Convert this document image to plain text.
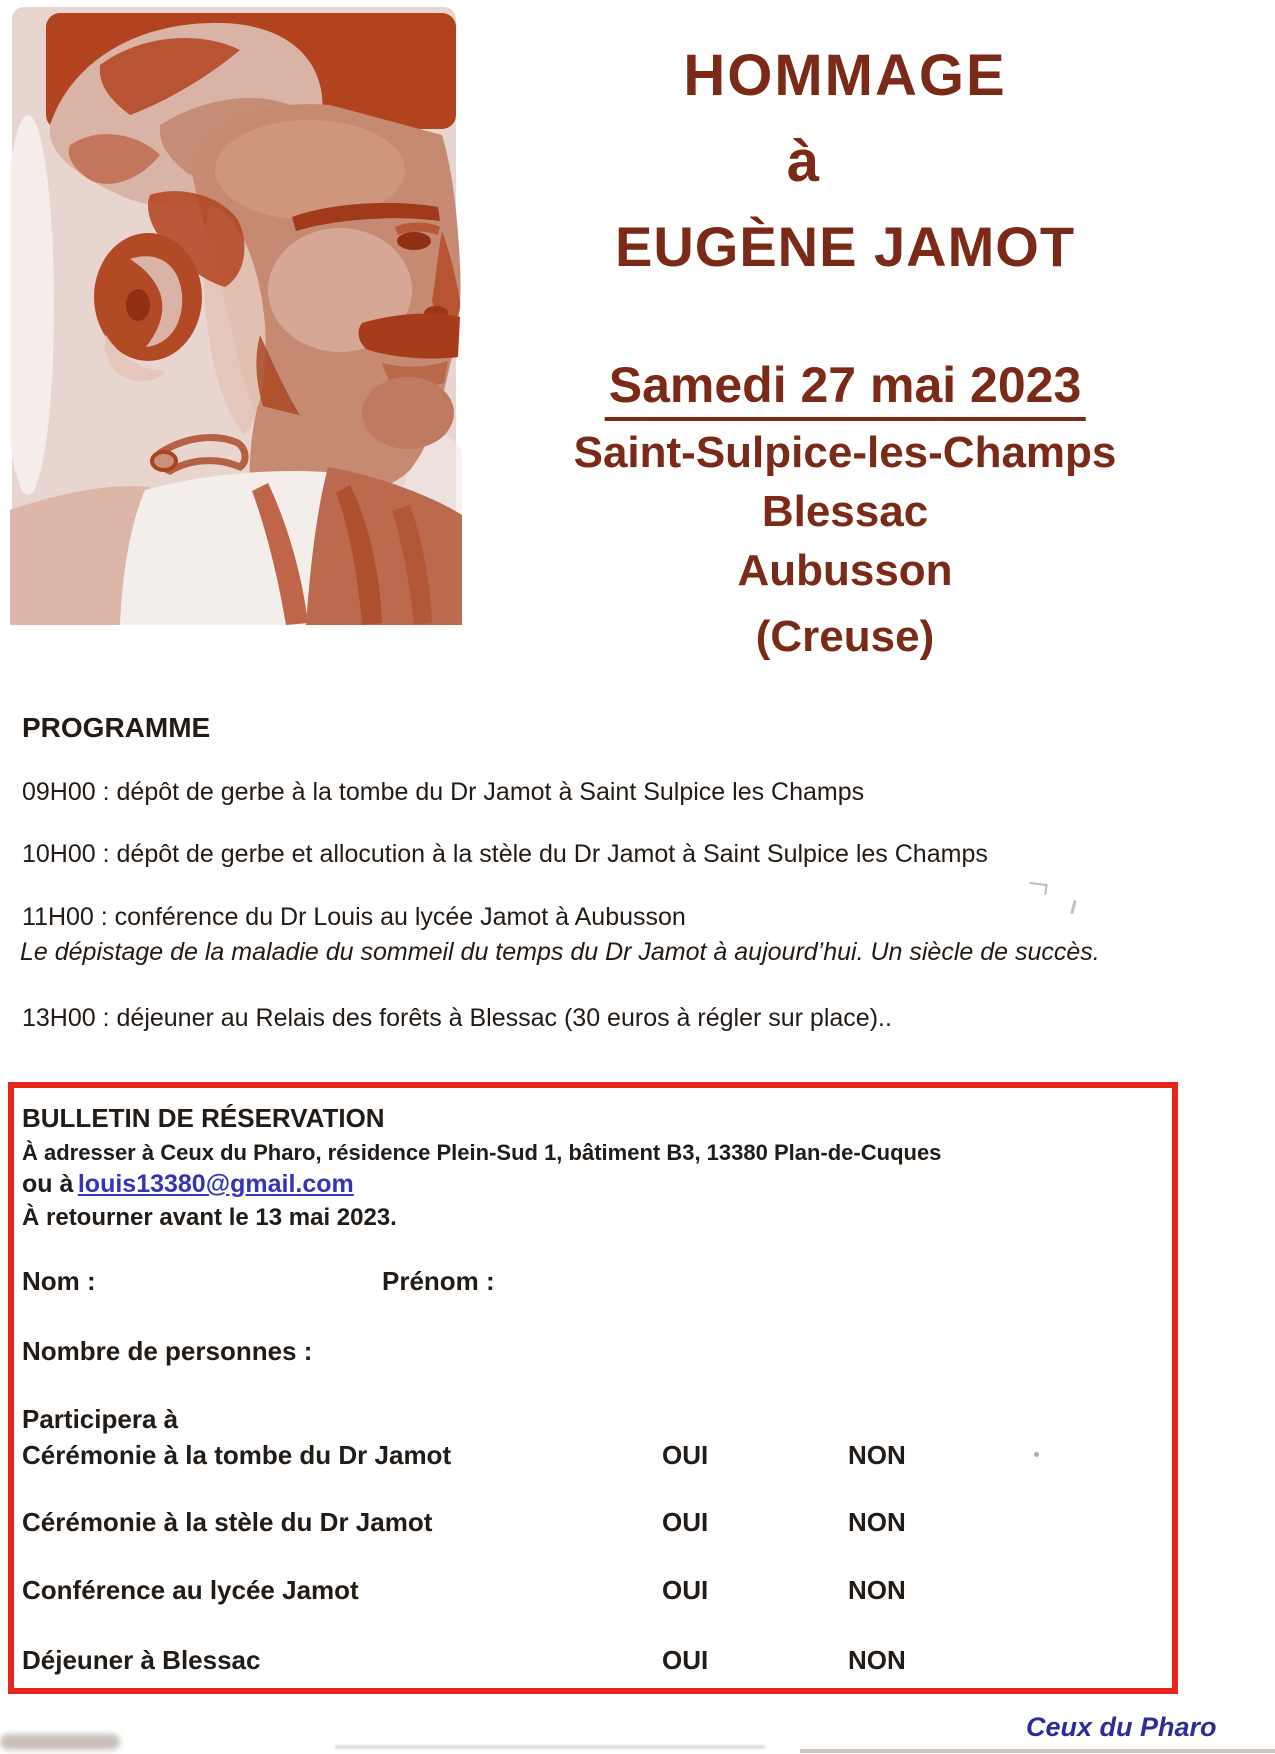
HOMMAGE
à
EUGÈNE JAMOT
Samedi 27 mai 2023
Saint-Sulpice-les-Champs
Blessac
Aubusson
(Creuse)
PROGRAMME
09H00 : dépôt de gerbe à la tombe du Dr Jamot à Saint Sulpice les Champs
10H00 : dépôt de gerbe et allocution à la stèle du Dr Jamot à Saint Sulpice les Champs
11H00 : conférence du Dr Louis au lycée Jamot à Aubusson
Le dépistage de la maladie du sommeil du temps du Dr Jamot à aujourd’hui. Un siècle de succès.
13H00 : déjeuner au Relais des forêts à Blessac (30 euros à régler sur place)..
BULLETIN DE RÉSERVATION
À adresser à Ceux du Pharo, résidence Plein-Sud 1, bâtiment B3, 13380 Plan-de-Cuques
ou à louis13380@gmail.com
À retourner avant le 13 mai 2023.
Nom :	Prénom :
Nombre de personnes :
Participera à
Cérémonie à la tombe du Dr Jamot	OUI	NON
Cérémonie à la stèle du Dr Jamot	OUI	NON
Conférence au lycée Jamot	OUI	NON
Déjeuner à Blessac	OUI	NON
Ceux du Pharo
